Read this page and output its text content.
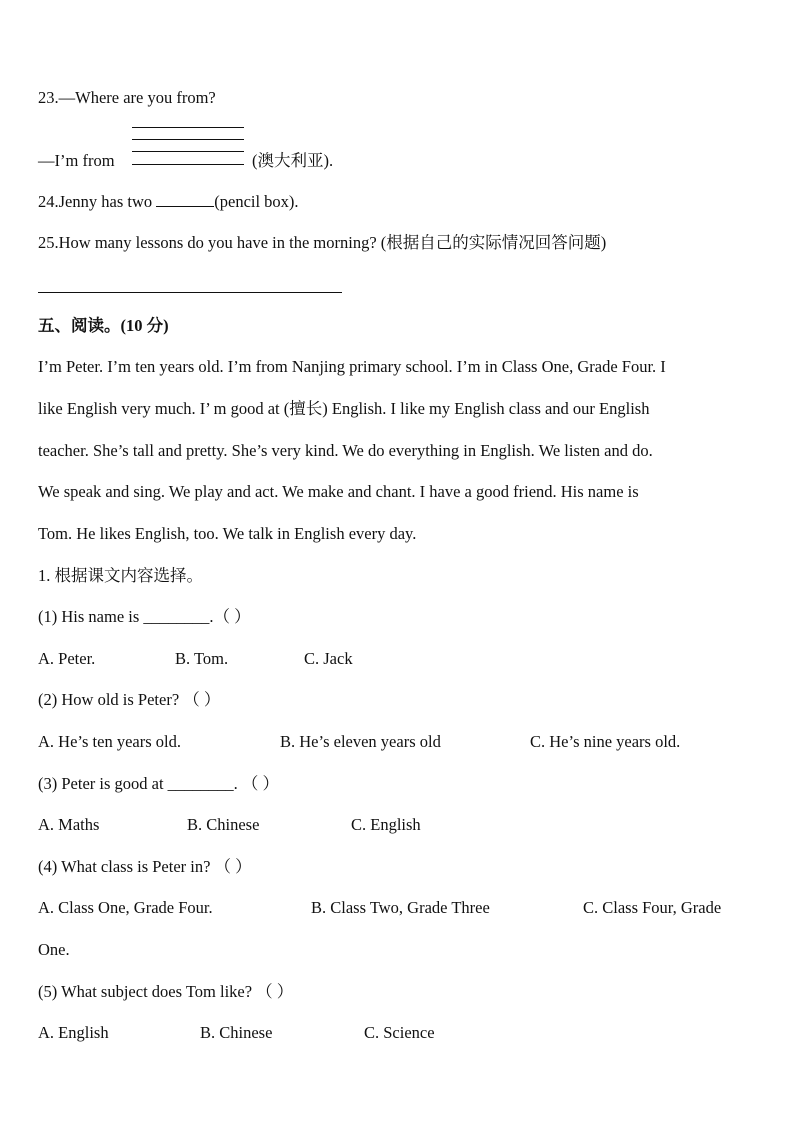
23.—Where are you from?
—I’m from	(澳大利亚).
24.Jenny has two	(pencil box).
25.How many lessons do you have in the morning? (根据自己的实际情况回答问题)
五、阅读。(10 分)
I’m Peter. I’m ten years old. I’m from Nanjing primary school. I’m in Class One, Grade Four. I
like English very much. I’ m good at (擅长) English. I like my English class and our English
teacher. She’s tall and pretty. She’s very kind. We do everything in English. We listen and do.
We speak and sing. We play and act. We make and chant. I have a good friend. His name is
Tom. He likes English, too. We talk in English every day.
1. 根据课文内容选择。
(1) His name is ________.（ ）
A. Peter.	B. Tom.	C. Jack
(2) How old is Peter? （ ）
A. He’s ten years old.	B. He’s eleven years old	C. He’s nine years old.
(3) Peter is good at ________. （ ）
A. Maths	B. Chinese	C. English
(4) What class is Peter in? （ ）
A. Class One, Grade Four.	B. Class Two, Grade Three	C. Class Four, Grade
One.
(5) What subject does Tom like? （ ）
A. English	B. Chinese	C. Science
